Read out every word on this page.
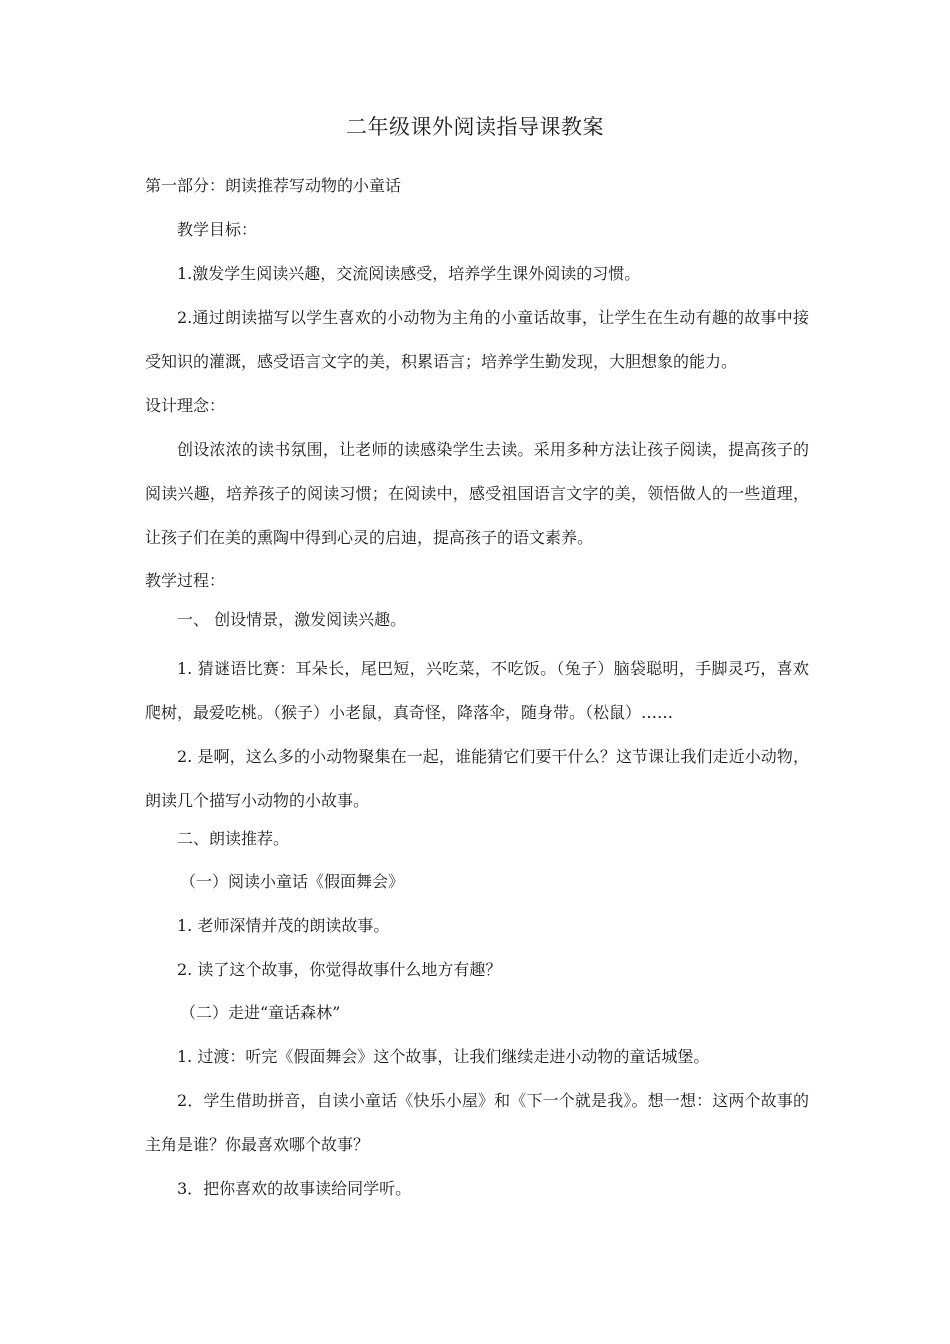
二年级课外阅读指导课教案
第一部分：朗读推荐写动物的小童话
教学目标：
1.激发学生阅读兴趣，交流阅读感受，培养学生课外阅读的习惯。
2.通过朗读描写以学生喜欢的小动物为主角的小童话故事，让学生在生动有趣的故事中接受知识的灌溉，感受语言文字的美，积累语言；培养学生勤发现，大胆想象的能力。
设计理念：
创设浓浓的读书氛围，让老师的读感染学生去读。采用多种方法让孩子阅读，提高孩子的阅读兴趣，培养孩子的阅读习惯；在阅读中，感受祖国语言文字的美，领悟做人的一些道理，让孩子们在美的熏陶中得到心灵的启迪，提高孩子的语文素养。
教学过程：
一、 创设情景，激发阅读兴趣。
1. 猜谜语比赛：耳朵长，尾巴短，兴吃菜，不吃饭。（兔子）脑袋聪明，手脚灵巧，喜欢爬树，最爱吃桃。（猴子）小老鼠，真奇怪，降落伞，随身带。（松鼠）……
2. 是啊，这么多的小动物聚集在一起，谁能猜它们要干什么？这节课让我们走近小动物，朗读几个描写小动物的小故事。
二、朗读推荐。
（一）阅读小童话《假面舞会》
1. 老师深情并茂的朗读故事。
2. 读了这个故事，你觉得故事什么地方有趣？
（二）走进“童话森林”
1. 过渡：听完《假面舞会》这个故事，让我们继续走进小动物的童话城堡。
2．学生借助拼音，自读小童话《快乐小屋》和《下一个就是我》。想一想：这两个故事的主角是谁？你最喜欢哪个故事？
3．把你喜欢的故事读给同学听。
